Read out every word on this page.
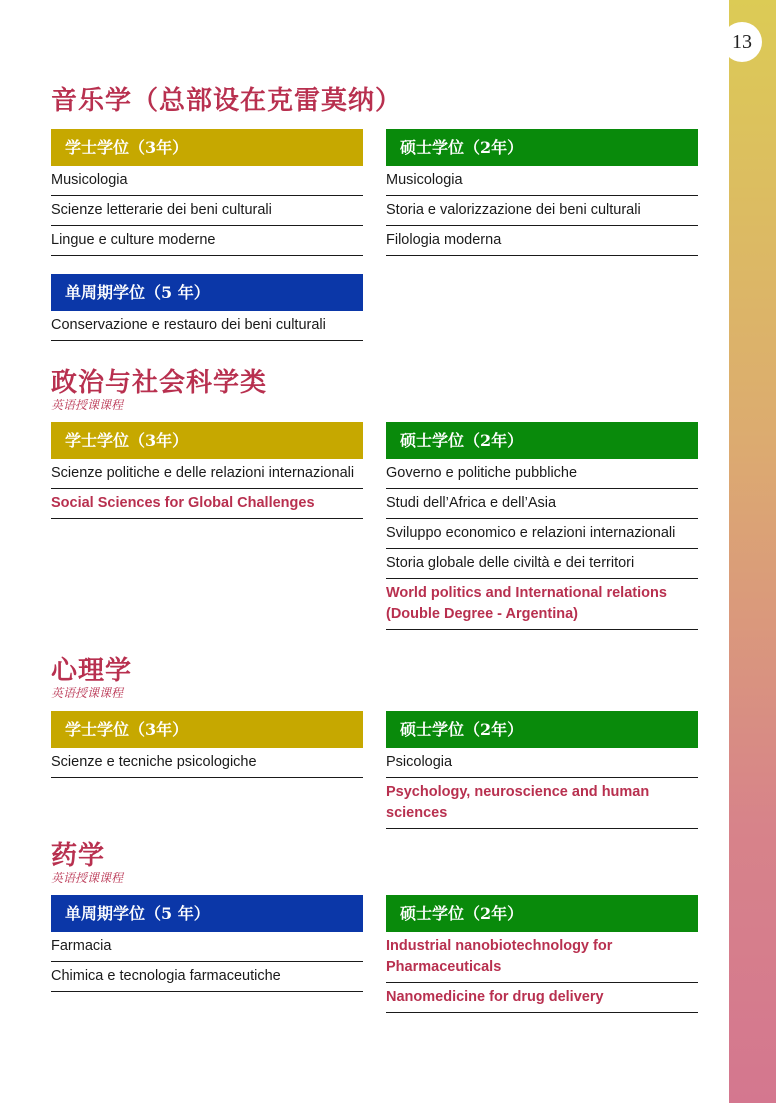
13
音乐学（总部设在克雷莫纳）
学士学位（3年）
Musicologia
Scienze letterarie dei beni culturali
Lingue e culture moderne
单周期学位（5 年）
Conservazione e restauro dei beni culturali
硕士学位（2年）
Musicologia
Storia e valorizzazione dei beni culturali
Filologia moderna
政治与社会科学类
英语授课课程
学士学位（3年）
Scienze politiche e delle relazioni internazionali
Social Sciences for Global Challenges
硕士学位（2年）
Governo e politiche pubbliche
Studi dell’Africa e dell’Asia
Sviluppo economico e relazioni internazionali
Storia globale delle civiltà e dei territori
World politics and International relations (Double Degree - Argentina)
心理学
英语授课课程
学士学位（3年）
Scienze e tecniche psicologiche
硕士学位（2年）
Psicologia
Psychology, neuroscience and human sciences
药学
英语授课课程
单周期学位（5 年）
Farmacia
Chimica e tecnologia farmaceutiche
硕士学位（2年）
Industrial nanobiotechnology for Pharmaceuticals
Nanomedicine for drug delivery
